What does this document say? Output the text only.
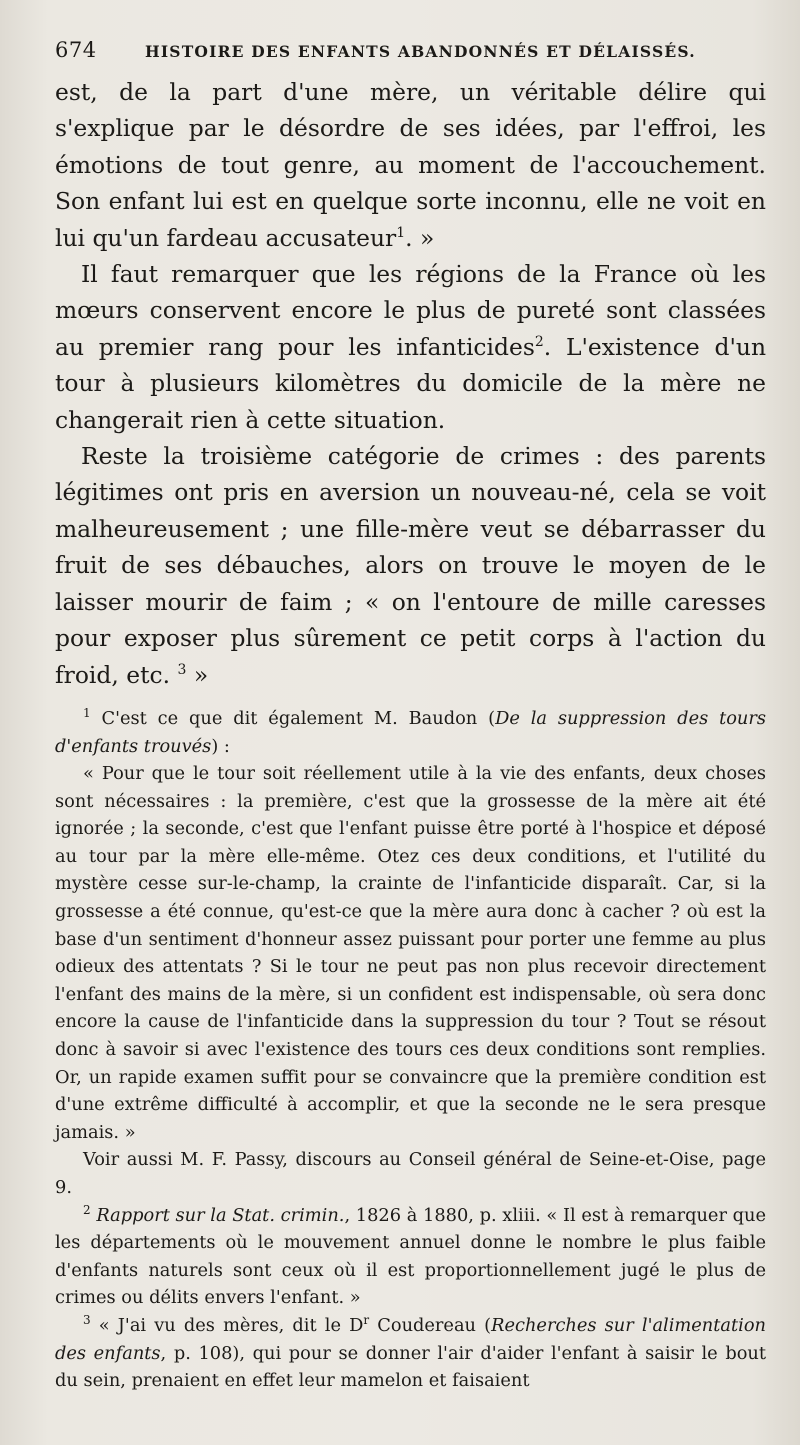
674	HISTOIRE DES ENFANTS ABANDONNÉS ET DÉLAISSÉS.

est, de la part d'une mère, un véritable délire qui s'explique par le désordre de ses idées, par l'effroi, les émotions de tout genre, au moment de l'accouchement. Son enfant lui est en quelque sorte inconnu, elle ne voit en lui qu'un fardeau accusateur$^1$. »

Il faut remarquer que les régions de la France où les mœurs conservent encore le plus de pureté sont classées au premier rang pour les infanticides$^2$. L'existence d'un tour à plusieurs kilomètres du domicile de la mère ne changerait rien à cette situation.

Reste la troisième catégorie de crimes : des parents légitimes ont pris en aversion un nouveau-né, cela se voit malheureusement ; une fille-mère veut se débarrasser du fruit de ses débauches, alors on trouve le moyen de le laisser mourir de faim ; « on l'entoure de mille caresses pour exposer plus sûrement ce petit corps à l'action du froid, etc. $^3$ »

$^1$ C'est ce que dit également M. Baudon (De la suppression des tours d'enfants trouvés) :

« Pour que le tour soit réellement utile à la vie des enfants, deux choses sont nécessaires : la première, c'est que la grossesse de la mère ait été ignorée ; la seconde, c'est que l'enfant puisse être porté à l'hospice et déposé au tour par la mère elle-même. Otez ces deux conditions, et l'utilité du mystère cesse sur-le-champ, la crainte de l'infanticide disparaît. Car, si la grossesse a été connue, qu'est-ce que la mère aura donc à cacher ? où est la base d'un sentiment d'honneur assez puissant pour porter une femme au plus odieux des attentats ? Si le tour ne peut pas non plus recevoir directement l'enfant des mains de la mère, si un confident est indispensable, où sera donc encore la cause de l'infanticide dans la suppression du tour ? Tout se résout donc à savoir si avec l'existence des tours ces deux conditions sont remplies. Or, un rapide examen suffit pour se convaincre que la première condition est d'une extrême difficulté à accomplir, et que la seconde ne le sera presque jamais. »

Voir aussi M. F. Passy, discours au Conseil général de Seine-et-Oise, page 9.

$^2$ Rapport sur la Stat. crimin., 1826 à 1880, p. xliii. « Il est à remarquer que les départements où le mouvement annuel donne le nombre le plus faible d'enfants naturels sont ceux où il est proportionnellement jugé le plus de crimes ou délits envers l'enfant. »

$^3$ « J'ai vu des mères, dit le D$^r$ Coudereau (Recherches sur l'alimentation des enfants, p. 108), qui pour se donner l'air d'aider l'enfant à saisir le bout du sein, prenaient en effet leur mamelon et faisaient
